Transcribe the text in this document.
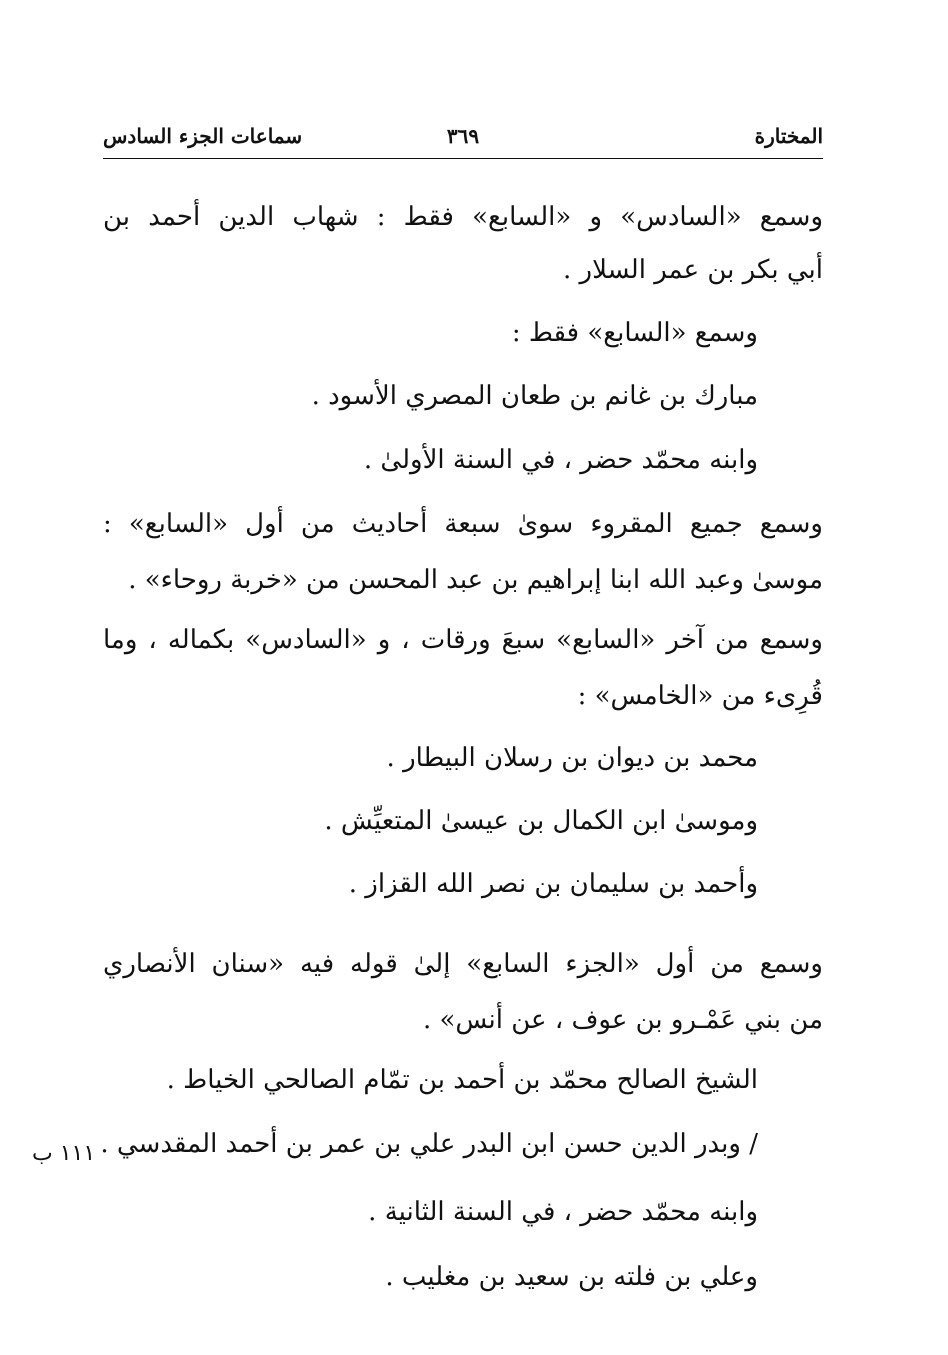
المختارة
٣٦٩
سماعات الجزء السادس
وسمع «السادس» و «السابع» فقط : شهاب الدين أحمد بن
أبي بكر بن عمر السلار .
وسمع «السابع» فقط :
مبارك بن غانم بن طعان المصري الأسود .
وابنه محمّد حضر ، في السنة الأولىٰ .
وسمع جميع المقروء سوىٰ سبعة أحاديث من أول «السابع» :
موسىٰ وعبد الله ابنا إبراهيم بن عبد المحسن من «خربة روحاء» .
وسمع من آخر «السابع» سبعَ ورقات ، و «السادس» بكماله ، وما
قُرِىء من «الخامس» :
محمد بن ديوان بن رسلان البيطار .
وموسىٰ ابن الكمال بن عيسىٰ المتعيِّش .
وأحمد بن سليمان بن نصر الله القزاز .
وسمع من أول «الجزء السابع» إلىٰ قوله فيه «سنان الأنصاري
من بني عَمْـرو بن عوف ، عن أنس» .
الشيخ الصالح محمّد بن أحمد بن تمّام الصالحي الخياط .
/ وبدر الدين حسن ابن البدر علي بن عمر بن أحمد المقدسي .
وابنه محمّد حضر ، في السنة الثانية .
وعلي بن فلته بن سعيد بن مغليب .
١١١ ب
